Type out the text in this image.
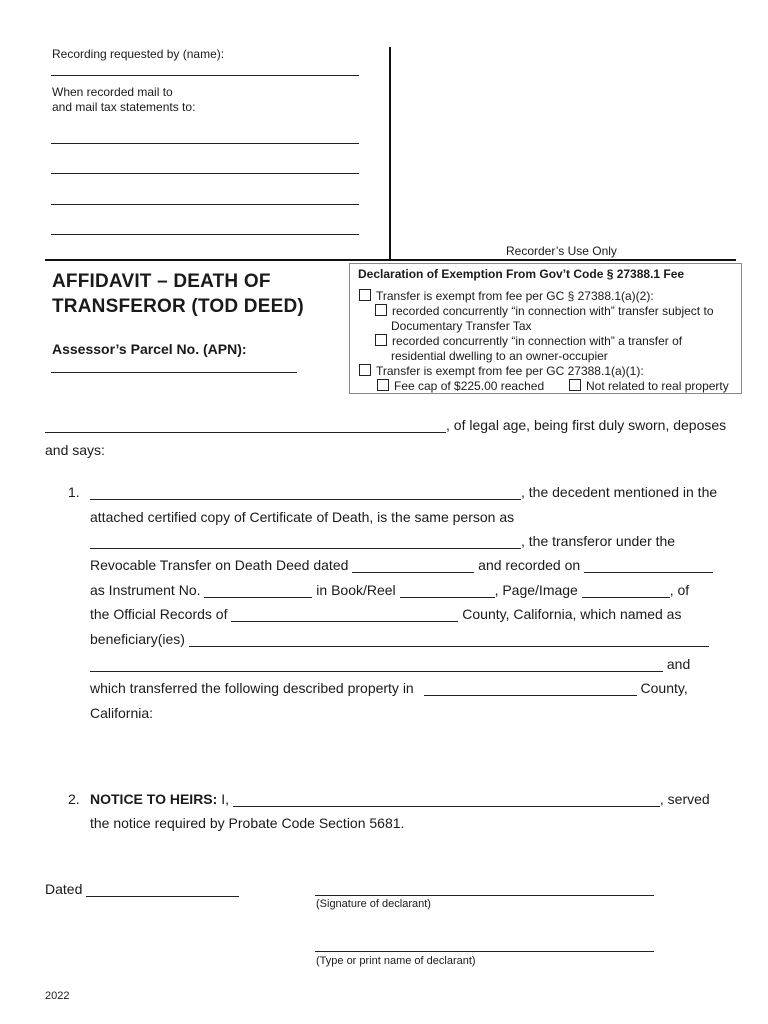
Recording requested by (name):
When recorded mail to
and mail tax statements to:
Recorder’s Use Only
AFFIDAVIT – DEATH OF
TRANSFEROR (TOD DEED)
Assessor’s Parcel No. (APN):
Declaration of Exemption From Gov’t Code § 27388.1 Fee
Transfer is exempt from fee per GC § 27388.1(a)(2):
recorded concurrently “in connection with” transfer subject to
Documentary Transfer Tax
recorded concurrently “in connection with” a transfer of
residential dwelling to an owner-occupier
Transfer is exempt from fee per GC 27388.1(a)(1):
Fee cap of $225.00 reached	Not related to real property
, of legal age, being first duly sworn, deposes
and says:
1.	, the decedent mentioned in the
attached certified copy of Certificate of Death, is the same person as
, the transferor under the
Revocable Transfer on Death Deed dated	and recorded on
as Instrument No.	in Book/Reel	, Page/Image	, of
the Official Records of	County, California, which named as
beneficiary(ies)
and
which transferred the following described property in	County,
California:
2. NOTICE TO HEIRS: I,	, served
the notice required by Probate Code Section 5681.
Dated
(Signature of declarant)
(Type or print name of declarant)
2022
